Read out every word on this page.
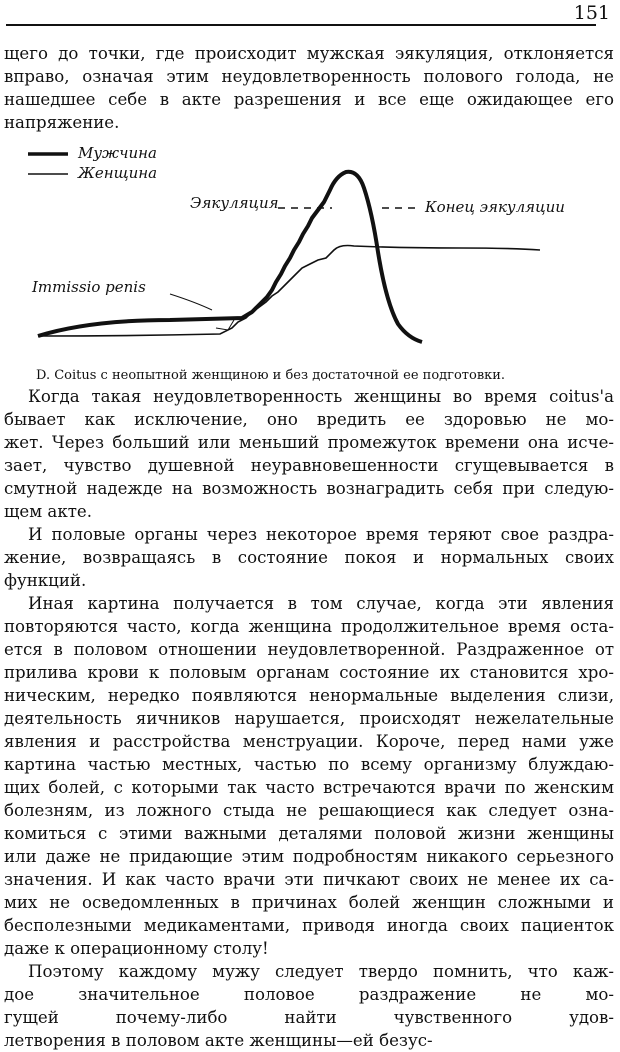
151

щего до точки, где происходит мужская эякуляция, отклоняется

вправо, означая этим неудовлетворенность полового голода, не

нашедшее себе в акте разрешения и все еще ожидающее его

напряжение.

Мужчина
Женщина
Эякуляция	Конец эякуляции
Immissio penis
D. Coitus с неопытной женщиною и без достаточной ее подготовки.

Когда такая неудовлетворенность женщины во время coitus'а

бывает как исключение, оно вредить ее здоровью не мо-

жет. Через больший или меньший промежуток времени она исче-

зает, чувство душевной неуравновешенности сгущевывается в

смутной надежде на возможность вознаградить себя при следую-

щем акте.

И половые органы через некоторое время теряют свое раздра-

жение, возвращаясь в состояние покоя и нормальных своих

функций.

Иная картина получается в том случае, когда эти явления

повторяются часто, когда женщина продолжительное время оста-

ется в половом отношении неудовлетворенной. Раздраженное от

прилива крови к половым органам состояние их становится хро-

ническим, нередко появляются ненормальные выделения слизи,

деятельность яичников нарушается, происходят нежелательные

явления и расстройства менструации. Короче, перед нами уже

картина частью местных, частью по всему организму блуждаю-

щих болей, с которыми так часто встречаются врачи по женским

болезням, из ложного стыда не решающиеся как следует озна-

комиться с этими важными деталями половой жизни женщины

или даже не придающие этим подробностям никакого серьезного

значения. И как часто врачи эти пичкают своих не менее их са-

мих не осведомленных в причинах болей женщин сложными и

бесполезными медикаментами, приводя иногда своих пациенток

даже к операционному столу!

Поэтому каждому мужу следует твердо помнить, что каж-

дое значительное половое раздражение не мо-

гущей почему-либо найти чувственного удов-

летворения в половом акте женщины—ей безус-
